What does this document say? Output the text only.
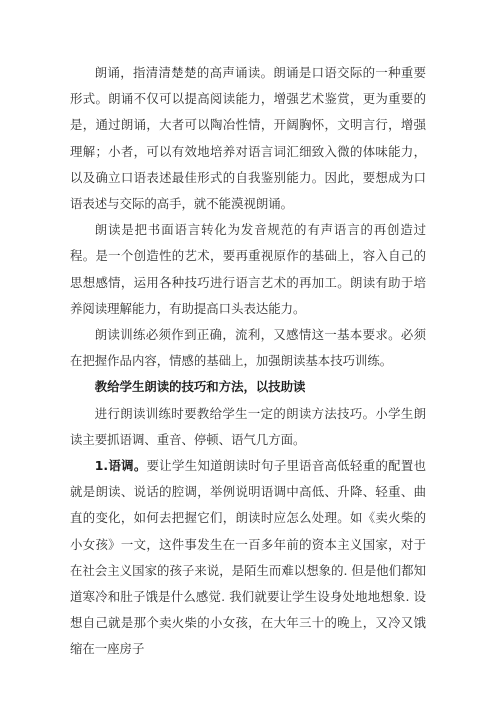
朗诵，指清清楚楚的高声诵读。朗诵是口语交际的一种重要形式。朗诵不仅可以提高阅读能力，增强艺术鉴赏，更为重要的是，通过朗诵，大者可以陶冶性情，开阔胸怀，文明言行，增强理解；小者，可以有效地培养对语言词汇细致入微的体味能力，以及确立口语表述最佳形式的自我鉴别能力。因此，要想成为口语表述与交际的高手，就不能漠视朗诵。

朗读是把书面语言转化为发音规范的有声语言的再创造过程。是一个创造性的艺术，要再重视原作的基础上，容入自己的思想感情，运用各种技巧进行语言艺术的再加工。朗读有助于培养阅读理解能力，有助提高口头表达能力。

朗读训练必须作到正确，流利，又感情这一基本要求。必须在把握作品内容，情感的基础上，加强朗读基本技巧训练。

教给学生朗读的技巧和方法，以技助读

进行朗读训练时要教给学生一定的朗读方法技巧。小学生朗读主要抓语调、重音、停顿、语气几方面。

1.语调。要让学生知道朗读时句子里语音高低轻重的配置也就是朗读、说话的腔调，举例说明语调中高低、升降、轻重、曲直的变化，如何去把握它们，朗读时应怎么处理。如《卖火柴的小女孩》一文，这件事发生在一百多年前的资本主义国家，对于在社会主义国家的孩子来说，是陌生而难以想象的. 但是他们都知道寒冷和肚子饿是什么感觉. 我们就要让学生设身处地地想象. 设想自己就是那个卖火柴的小女孩，在大年三十的晚上，又冷又饿缩在一座房子
